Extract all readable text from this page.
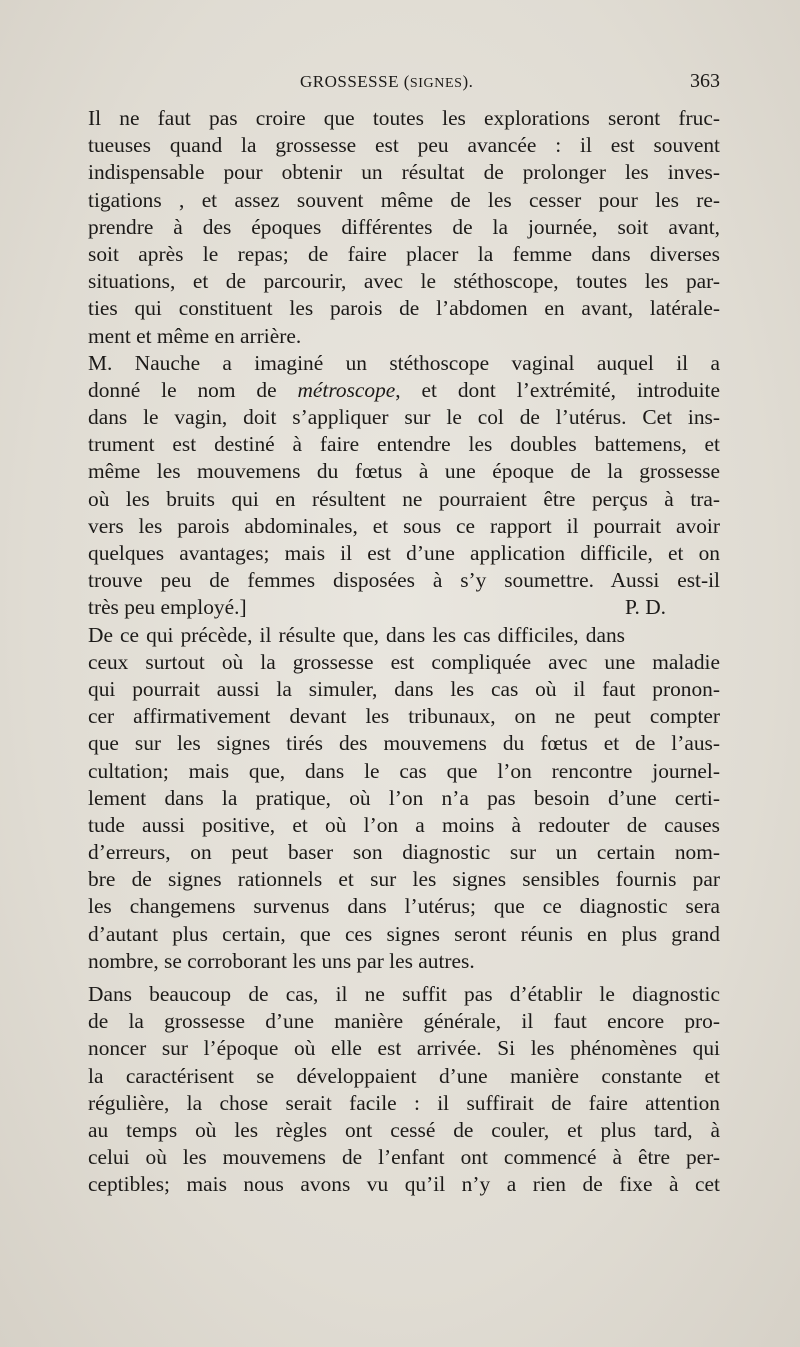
GROSSESSE (SIGNES).	363
Il ne faut pas croire que toutes les explorations seront fruc-
tueuses quand la grossesse est peu avancée : il est souvent
indispensable pour obtenir un résultat de prolonger les inves-
tigations , et assez souvent même de les cesser pour les re-
prendre à des époques différentes de la journée, soit avant,
soit après le repas; de faire placer la femme dans diverses
situations, et de parcourir, avec le stéthoscope, toutes les par-
ties qui constituent les parois de l’abdomen en avant, latérale-
ment et même en arrière.
M. Nauche a imaginé un stéthoscope vaginal auquel il a
donné le nom de métroscope, et dont l’extrémité, introduite
dans le vagin, doit s’appliquer sur le col de l’utérus. Cet ins-
trument est destiné à faire entendre les doubles battemens, et
même les mouvemens du fœtus à une époque de la grossesse
où les bruits qui en résultent ne pourraient être perçus à tra-
vers les parois abdominales, et sous ce rapport il pourrait avoir
quelques avantages; mais il est d’une application difficile, et on
trouve peu de femmes disposées à s’y soumettre. Aussi est-il
très peu employé.]	P. D.
De ce qui précède, il résulte que, dans les cas difficiles, dans
ceux surtout où la grossesse est compliquée avec une maladie
qui pourrait aussi la simuler, dans les cas où il faut pronon-
cer affirmativement devant les tribunaux, on ne peut compter
que sur les signes tirés des mouvemens du fœtus et de l’aus-
cultation; mais que, dans le cas que l’on rencontre journel-
lement dans la pratique, où l’on n’a pas besoin d’une certi-
tude aussi positive, et où l’on a moins à redouter de causes
d’erreurs, on peut baser son diagnostic sur un certain nom-
bre de signes rationnels et sur les signes sensibles fournis par
les changemens survenus dans l’utérus; que ce diagnostic sera
d’autant plus certain, que ces signes seront réunis en plus grand
nombre, se corroborant les uns par les autres.
Dans beaucoup de cas, il ne suffit pas d’établir le diagnostic
de la grossesse d’une manière générale, il faut encore pro-
noncer sur l’époque où elle est arrivée. Si les phénomènes qui
la caractérisent se développaient d’une manière constante et
régulière, la chose serait facile : il suffirait de faire attention
au temps où les règles ont cessé de couler, et plus tard, à
celui où les mouvemens de l’enfant ont commencé à être per-
ceptibles; mais nous avons vu qu’il n’y a rien de fixe à cet
